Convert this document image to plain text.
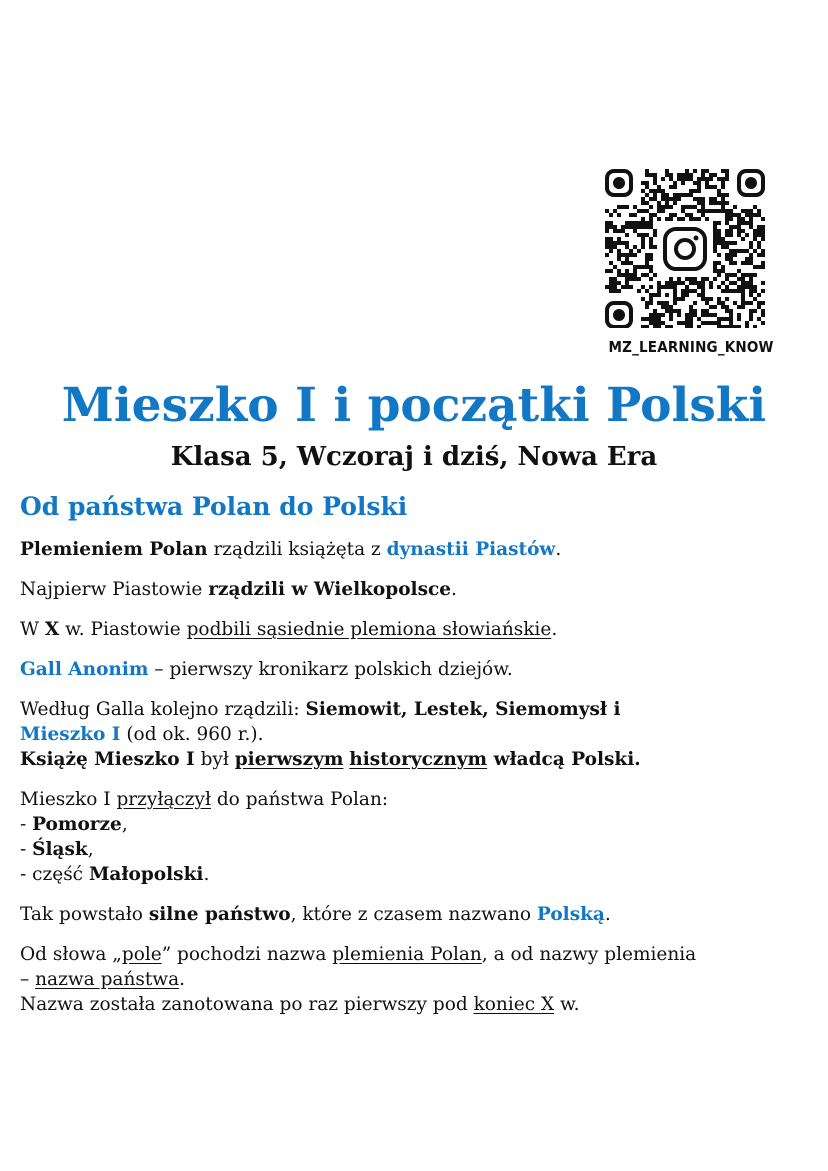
MZ_LEARNING_KNOW
Mieszko I i początki Polski
Klasa 5, Wczoraj i dziś, Nowa Era
Od państwa Polan do Polski

Plemieniem Polan rządzili książęta z dynastii Piastów.

Najpierw Piastowie rządzili w Wielkopolsce.

W X w. Piastowie podbili sąsiednie plemiona słowiańskie.

Gall Anonim – pierwszy kronikarz polskich dziejów.

Według Galla kolejno rządzili: Siemowit, Lestek, Siemomysł i
Mieszko I (od ok. 960 r.).
Książę Mieszko I był pierwszym historycznym władcą Polski.

Mieszko I przyłączył do państwa Polan:
- Pomorze,
- Śląsk,
- część Małopolski.

Tak powstało silne państwo, które z czasem nazwano Polską.

Od słowa „pole” pochodzi nazwa plemienia Polan, a od nazwy plemienia
– nazwa państwa.
Nazwa została zanotowana po raz pierwszy pod koniec X w.
